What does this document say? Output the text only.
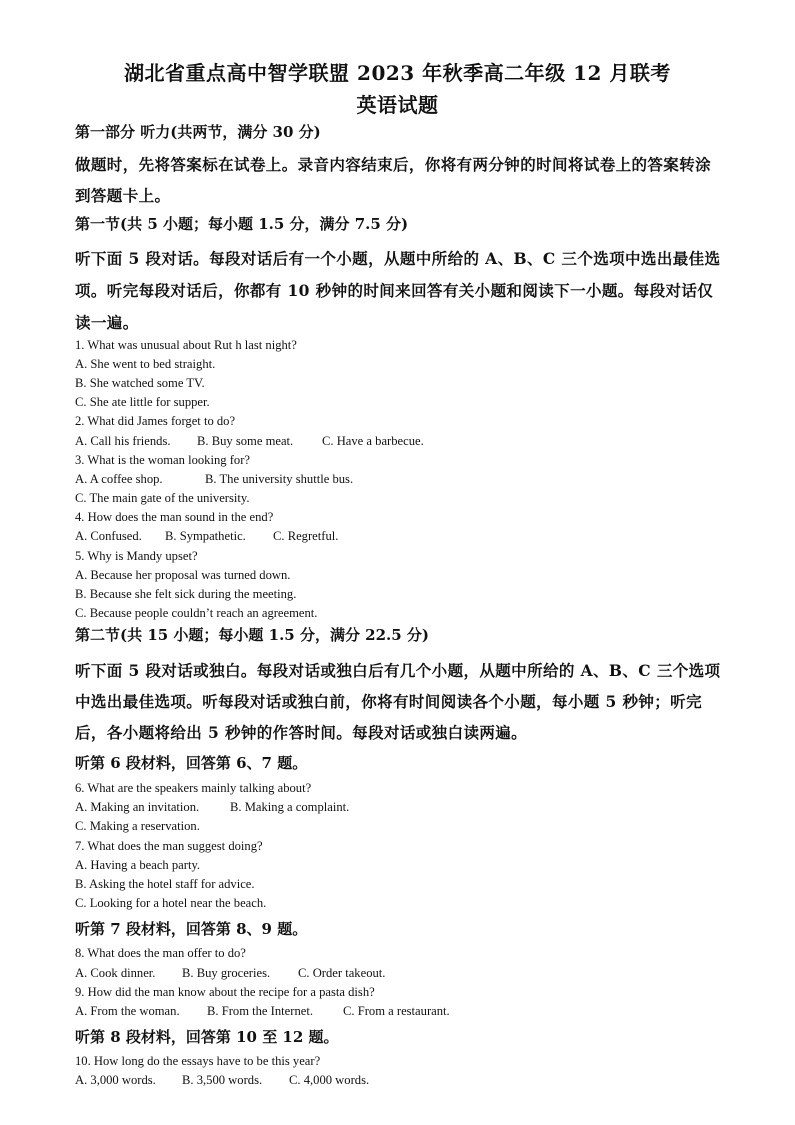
湖北省重点高中智学联盟 2023 年秋季高二年级 12 月联考
英语试题
第一部分 听力(共两节，满分 30 分)
做题时，先将答案标在试卷上。录音内容结束后，你将有两分钟的时间将试卷上的答案转涂
到答题卡上。
第一节(共 5 小题；每小题 1.5 分，满分 7.5 分)
听下面 5 段对话。每段对话后有一个小题，从题中所给的 A、B、C 三个选项中选出最佳选
项。听完每段对话后，你都有 10 秒钟的时间来回答有关小题和阅读下一小题。每段对话仅
读一遍。
1. What was unusual about Rut h last night?
A. She went to bed straight.
B. She watched some TV.
C. She ate little for supper.
2. What did James forget to do?
A. Call his friends. B. Buy some meat. C. Have a barbecue.
3. What is the woman looking for?
A. A coffee shop.	B. The university shuttle bus.
C. The main gate of the university.
4. How does the man sound in the end?
A. Confused. B. Sympathetic. C. Regretful.
5. Why is Mandy upset?
A. Because her proposal was turned down.
B. Because she felt sick during the meeting.
C. Because people couldn’t reach an agreement.
第二节(共 15 小题；每小题 1.5 分，满分 22.5 分)
听下面 5 段对话或独白。每段对话或独白后有几个小题，从题中所给的 A、B、C 三个选项
中选出最佳选项。听每段对话或独白前，你将有时间阅读各个小题，每小题 5 秒钟；听完
后，各小题将给出 5 秒钟的作答时间。每段对话或独白读两遍。
听第 6 段材料，回答第 6、7 题。
6. What are the speakers mainly talking about?
A. Making an invitation. B. Making a complaint.
C. Making a reservation.
7. What does the man suggest doing?
A. Having a beach party.
B. Asking the hotel staff for advice.
C. Looking for a hotel near the beach.
听第 7 段材料，回答第 8、9 题。
8. What does the man offer to do?
A. Cook dinner. B. Buy groceries. C. Order takeout.
9. How did the man know about the recipe for a pasta dish?
A. From the woman. B. From the Internet. C. From a restaurant.
听第 8 段材料，回答第 10 至 12 题。
10. How long do the essays have to be this year?
A. 3,000 words. B. 3,500 words. C. 4,000 words.
